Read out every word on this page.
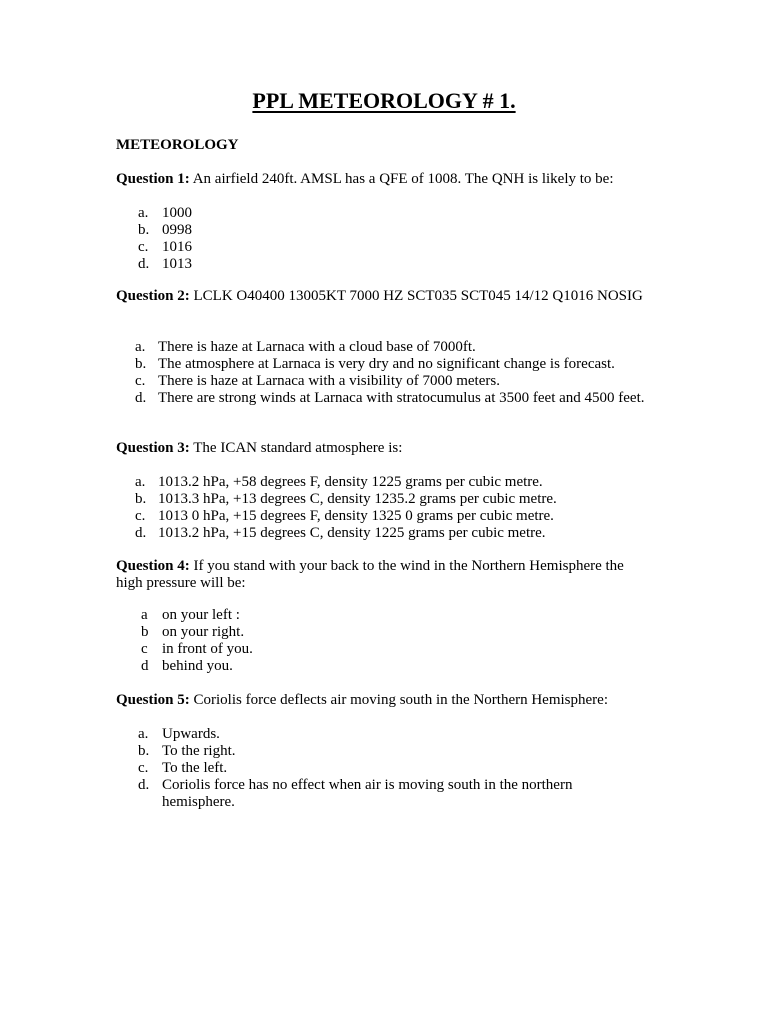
PPL METEOROLOGY # 1.
METEOROLOGY
Question 1: An airfield 240ft. AMSL has a QFE of 1008. The QNH is likely to be:
a. 1000
b. 0998
c. 1016
d. 1013
Question 2: LCLK O40400 13005KT 7000 HZ SCT035 SCT045 14/12 Q1016 NOSIG
a. There is haze at Larnaca with a cloud base of 7000ft.
b. The atmosphere at Larnaca is very dry and no significant change is forecast.
c. There is haze at Larnaca with a visibility of 7000 meters.
d. There are strong winds at Larnaca with stratocumulus at 3500 feet and 4500 feet.
Question 3: The ICAN standard atmosphere is:
a. 1013.2 hPa, +58 degrees F, density 1225 grams per cubic metre.
b. 1013.3 hPa, +13 degrees C, density 1235.2 grams per cubic metre.
c. 1013 0 hPa, +15 degrees F, density 1325 0 grams per cubic metre.
d. 1013.2 hPa, +15 degrees C, density 1225 grams per cubic metre.
Question 4: If you stand with your back to the wind in the Northern Hemisphere the high pressure will be:
a on your left :
b on your right.
c in front of you.
d behind you.
Question 5: Coriolis force deflects air moving south in the Northern Hemisphere:
a. Upwards.
b. To the right.
c. To the left.
d. Coriolis force has no effect when air is moving south in the northern hemisphere.
